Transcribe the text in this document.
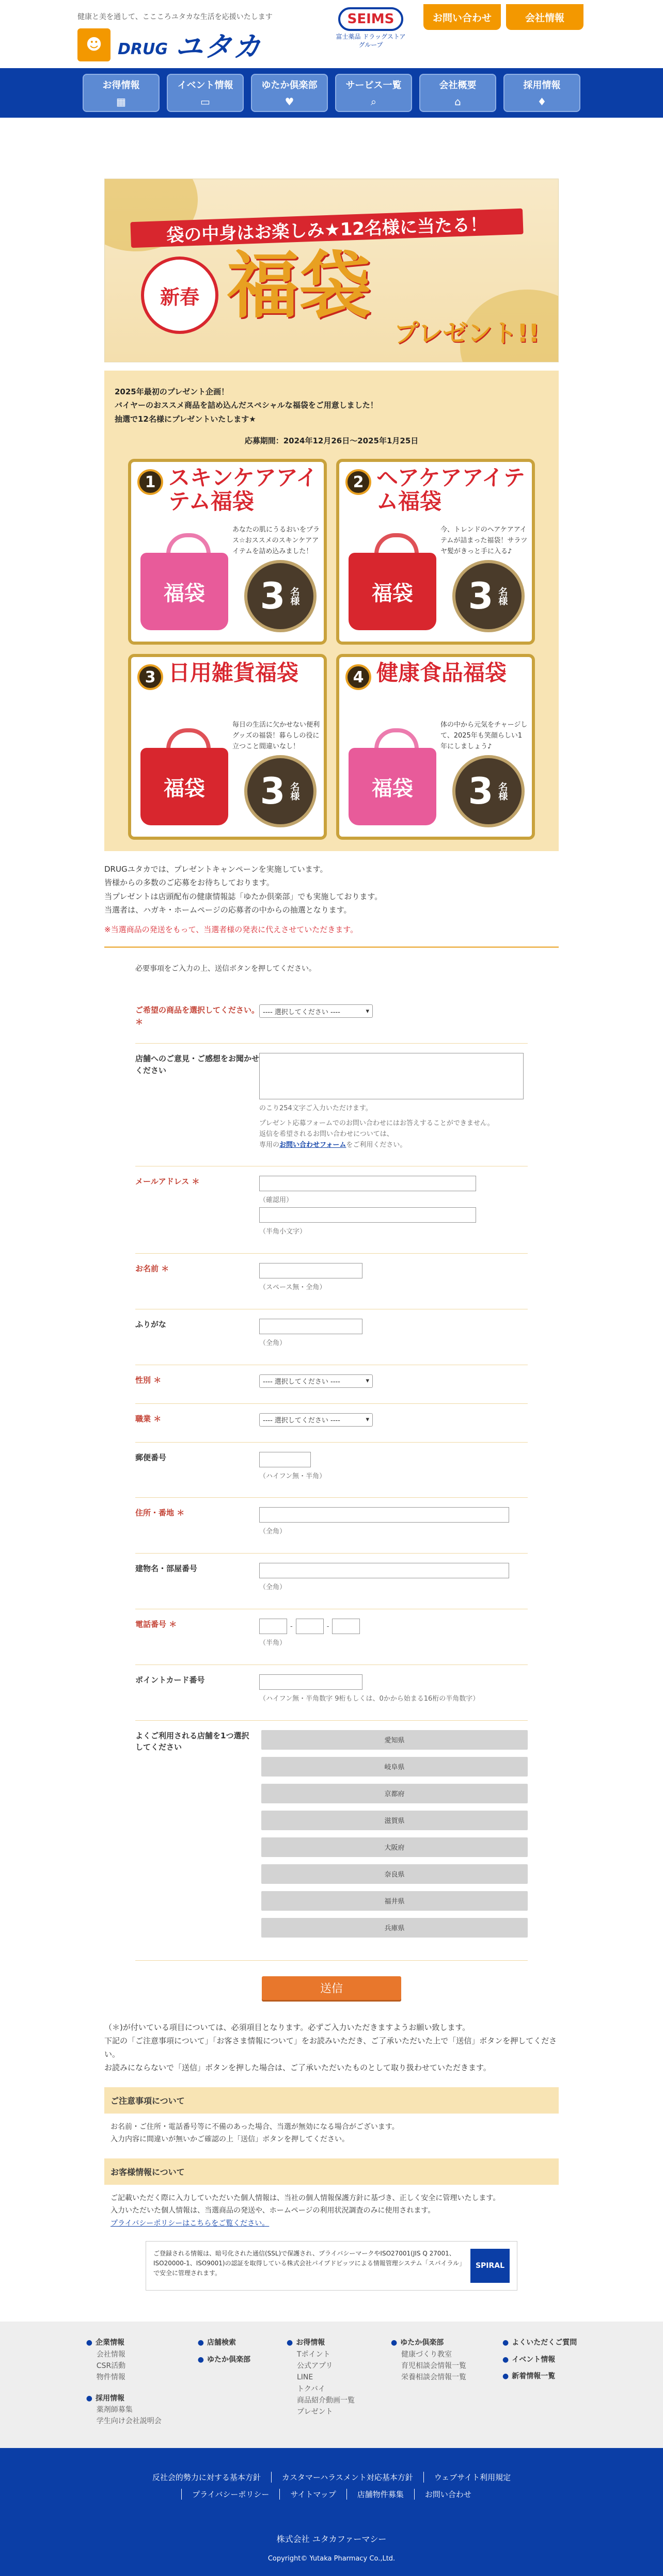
健康と美を通して、ここころユタカな生活を応援いたします
☻	DRUG ユタカ
SEIMS
富士薬品 ドラッグストアグループ
お問い合わせ	会社情報
お得情報
▦
イベント情報
▭
ゆたか倶楽部
♥
サービス一覧
⌕
会社概要
⌂
採用情報
♦
袋の中身はお楽しみ★12名様に当たる！
新春 福袋
プレゼント!!

2025年最初のプレゼント企画！

バイヤーのおススメ商品を詰め込んだスペシャルな福袋をご用意しました！

抽選で12名様にプレゼントいたします★

応募期間：2024年12月26日～2025年1月25日

1 スキンケアアイテム福袋
あなたの肌にうるおいをプラス☆おススメのスキンケアアイテムを詰め込みました！
福袋 3 名様
2 ヘアケアアイテム福袋
今、トレンドのヘアケアアイテムが詰まった福袋！サラツヤ髪がきっと手に入る♪
福袋 3 名様
3 日用雑貨福袋
毎日の生活に欠かせない便利グッズの福袋！暮らしの役に立つこと間違いなし！
福袋 3 名様
4 健康食品福袋
体の中から元気をチャージして、2025年も笑顔らしい1年にしましょう♪
福袋 3 名様
DRUGユタカでは、プレゼントキャンペーンを実施しています。
皆様からの多数のご応募をお待ちしております。
当プレゼントは店頭配布の健康情報誌「ゆたか倶楽部」でも実施しております。
当選者は、ハガキ・ホームページの応募者の中からの抽選となります。
※当選商品の発送をもって、当選者様の発表に代えさせていただきます。
必要事項をご入力の上、送信ボタンを押してください。
ご希望の商品を選択してください。＊
---- 選択してください ----	▾
店舗へのご意見・ご感想をお聞かせください
のこり254文字ご入力いただけます。
プレゼント応募フォームでのお問い合わせにはお答えすることができません。
返信を希望されるお問い合わせについては、
専用のお問い合わせフォームをご利用ください。
メールアドレス ＊
（確認用）
（半角小文字）
お名前 ＊
（スペース無・全角）
ふりがな
（全角）
性別 ＊	---- 選択してください ----	▾
職業 ＊	---- 選択してください ----	▾
郵便番号
（ハイフン無・半角）
住所・番地 ＊
（全角）
建物名・部屋番号
（全角）
電話番号 ＊	-	-
（半角）
ポイントカード番号
（ハイフン無・半角数字 9桁もしくは、0かから始まる16桁の半角数字）
よくご利用される店舗を1つ選択してください
愛知県
岐阜県
京都府
滋賀県
大阪府
奈良県
福井県
兵庫県
送信
（＊)が付いている項目については、必須項目となります。必ずご入力いただきますようお願い致します。
下記の「ご注意事項について」「お客さま情報について」をお読みいただき、ご了承いただいた上で「送信」ボタンを押してください。
お読みにならないで「送信」ボタンを押した場合は、ご了承いただいたものとして取り扱わせていただきます。
ご注意事項について
お名前・ご住所・電話番号等に不備のあった場合、当選が無効になる場合がございます。
入力内容に間違いが無いかご確認の上「送信」ボタンを押してください。
お客様情報について
ご記載いただく際に入力していただいた個人情報は、当社の個人情報保護方針に基づき、正しく安全に管理いたします。
入力いただいた個人情報は、当選商品の発送や、ホームページの利用状況調査のみに使用されます。
プライバシーポリシーはこちらをご覧ください。
ご登録される情報は、暗号化された通信(SSL)で保護され、プライバシーマークやISO27001(JIS Q 27001、ISO20000-1、ISO9001)の認証を取得している株式会社パイプドビッツによる情報管理システム「スパイラル」で安全に管理されます。
SPIRAL
● 企業情報
会社情報
CSR活動
物件情報
● 採用情報
薬剤師募集
学生向け会社説明会
● 店舗検索
● ゆたか倶楽部
● お得情報
Tポイント
公式アプリ
LINE
トクバイ
商品紹介動画一覧
プレゼント
● ゆたか倶楽部
健康づくり教室
育児相談会情報一覧
栄養相談会情報一覧
● よくいただくご質問
● イベント情報
● 新着情報一覧
反社会的勢力に対する基本方針	カスタマーハラスメント対応基本方針	ウェブサイト利用規定
プライバシーポリシー	サイトマップ	店舗物件募集	お問い合わせ
株式会社 ユタカファーマシー
Copyright© Yutaka Pharmacy Co.,Ltd.
